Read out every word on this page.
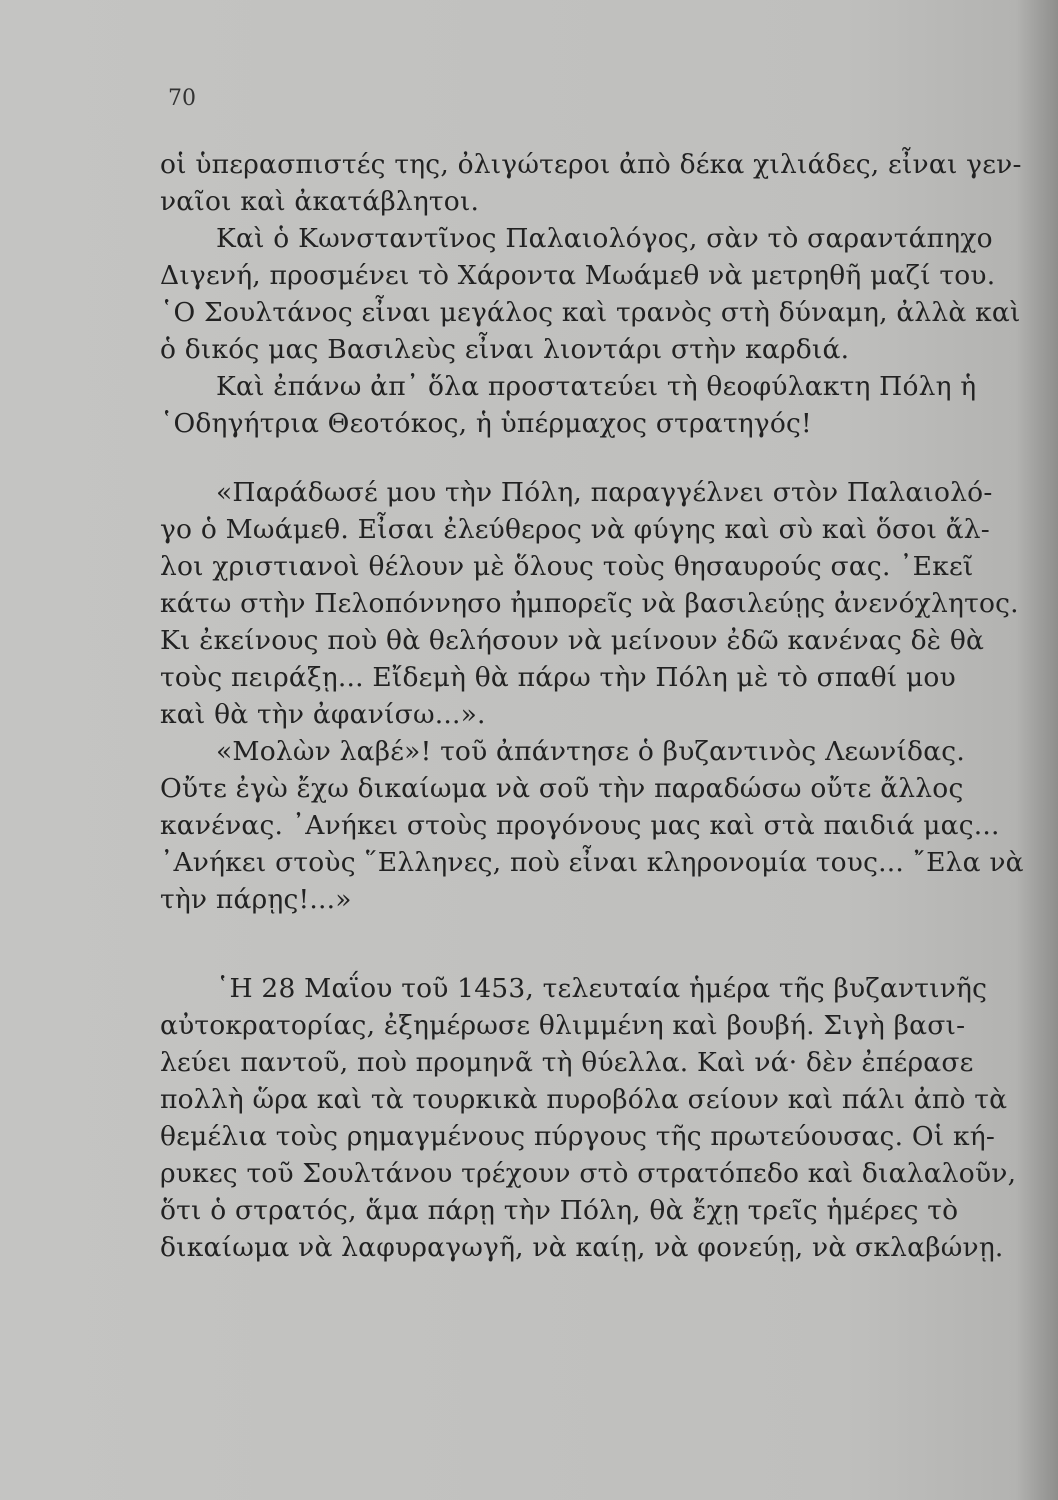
70
οἱ ὑπερασπιστές της, ὀλιγώτεροι ἀπὸ δέκα χιλιάδες, εἶναι γεν-
ναῖοι καὶ ἀκατάβλητοι.
Καὶ ὁ Κωνσταντῖνος Παλαιολόγος, σὰν τὸ σαραντάπηχο
Διγενή, προσμένει τὸ Χάροντα Μωάμεθ νὰ μετρηθῆ μαζί του.
῾Ο Σουλτάνος εἶναι μεγάλος καὶ τρανὸς στὴ δύναμη, ἀλλὰ καὶ
ὁ δικός μας Βασιλεὺς εἶναι λιοντάρι στὴν καρδιά.
Καὶ ἐπάνω ἀπ᾽ ὅλα προστατεύει τὴ θεοφύλακτη Πόλη ἡ
῾Οδηγήτρια Θεοτόκος, ἡ ὑπέρμαχος στρατηγός!
«Παράδωσέ μου τὴν Πόλη, παραγγέλνει στὸν Παλαιολό-
γο ὁ Μωάμεθ. Εἶσαι ἐλεύθερος νὰ φύγης καὶ σὺ καὶ ὅσοι ἄλ-
λοι χριστιανοὶ θέλουν μὲ ὅλους τοὺς θησαυρούς σας. ᾽Εκεῖ
κάτω στὴν Πελοπόννησο ἠμπορεῖς νὰ βασιλεύῃς ἀνενόχλητος.
Κι ἐκείνους ποὺ θὰ θελήσουν νὰ μείνουν ἐδῶ κανένας δὲ θὰ
τοὺς πειράξῃ... Εἴδεμὴ θὰ πάρω τὴν Πόλη μὲ τὸ σπαθί μου
καὶ θὰ τὴν ἀφανίσω...».
«Μολὼν λαβέ»! τοῦ ἀπάντησε ὁ βυζαντινὸς Λεωνίδας.
Οὔτε ἐγὼ ἔχω δικαίωμα νὰ σοῦ τὴν παραδώσω οὔτε ἄλλος
κανένας. ᾽Ανήκει στοὺς προγόνους μας καὶ στὰ παιδιά μας...
᾽Ανήκει στοὺς ῞Ελληνες, ποὺ εἶναι κληρονομία τους... ῎Ελα νὰ
τὴν πάρῃς!...»
῾Η 28 Μαΐου τοῦ 1453, τελευταία ἡμέρα τῆς βυζαντινῆς
αὐτοκρατορίας, ἐξημέρωσε θλιμμένη καὶ βουβή. Σιγὴ βασι-
λεύει παντοῦ, ποὺ προμηνᾶ τὴ θύελλα. Καὶ νά· δὲν ἐπέρασε
πολλὴ ὥρα καὶ τὰ τουρκικὰ πυροβόλα σείουν καὶ πάλι ἀπὸ τὰ
θεμέλια τοὺς ρημαγμένους πύργους τῆς πρωτεύουσας. Οἱ κή-
ρυκες τοῦ Σουλτάνου τρέχουν στὸ στρατόπεδο καὶ διαλαλοῦν,
ὅτι ὁ στρατός, ἅμα πάρῃ τὴν Πόλη, θὰ ἔχῃ τρεῖς ἡμέρες τὸ
δικαίωμα νὰ λαφυραγωγῆ, νὰ καίῃ, νὰ φονεύῃ, νὰ σκλαβώνῃ.
